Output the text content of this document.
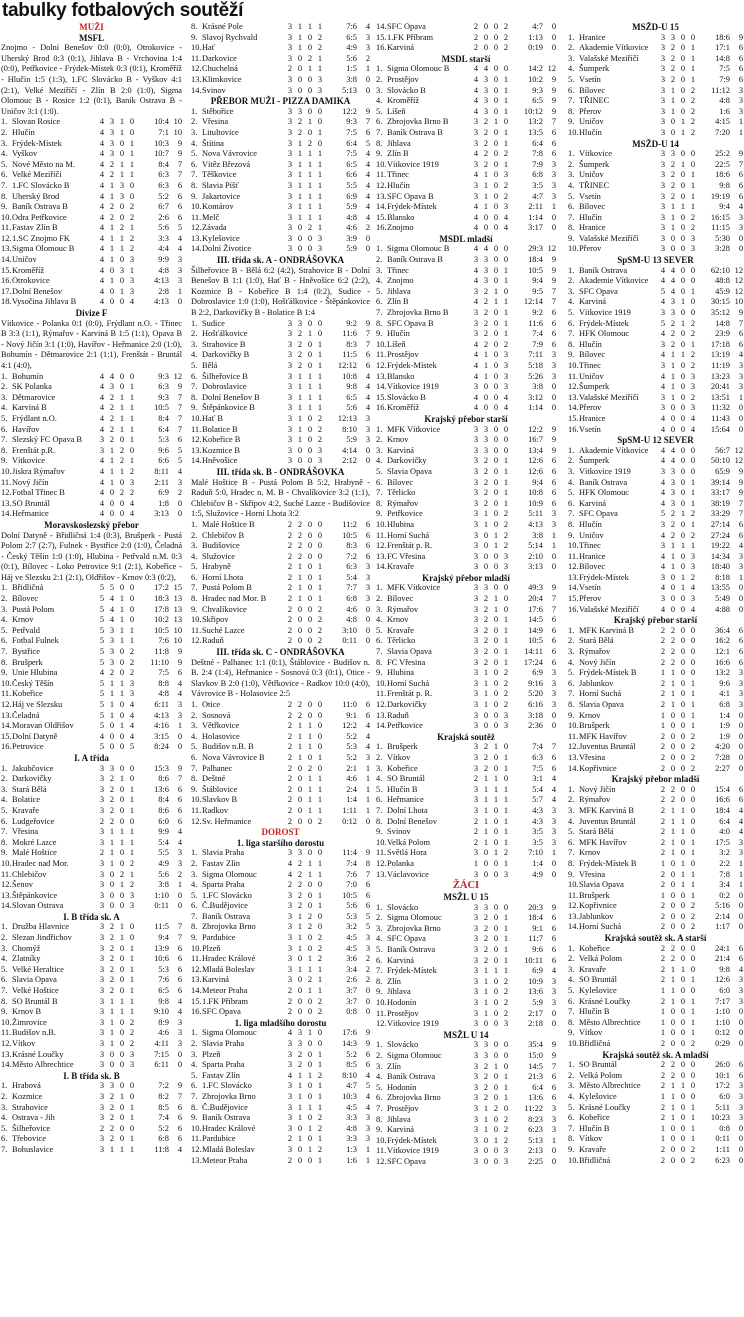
tabulky fotbalových soutěží
MUŽI
MSFL

Znojmo - Dolní Benešov 0:0 (0:0), Otrokovice - Uherský Brod 0:3 (0:1), Jihlava B - Vrchovina 1:4 (0:0), Petřkovice - Frýdek-Místek 0:3 (0:1), Kroměříž - Hlučín 1:5 (1:3), 1.FC Slovácko B - Vyškov 4:1 (2:1), Velké Meziříčí - Zlín B 2:0 (1:0), Sigma Olomouc B - Rosice 1:2 (0:1), Baník Ostrava B - Uničov 3:1 (1:0).

1. Slovan Rosice	4 3 1 0	10:4 10
2. Hlučín	4 3 1 0	7:1 10
3. Frýdek-Místek	4 3 0 1	10:3	9
4. Vyškov	4 3 0 1	10:7	9
5. Nové Město na M.	4 2 1 1	8:4	7
6. Velké Meziříčí	4 2 1 1	6:3	7
7. 1.FC Slovácko B	4 1 3 0	6:3	6
8. Uherský Brod	4 1 3 0	5:2	6
9. Baník Ostrava B	4 2 0 2	6:7	6
10. Odra Petřkovice	4 2 0 2	2:6	6
11. Fastav Zlín B	4 1 2 1	5:6	5
12. 1.SC Znojmo FK	4 1 1 2	3:3	4
13. Sigma Olomouc B	4 1 1 2	4:4	4
14. Uničov	4 1 0 3	9:9	3
15. Kroměříž	4 0 3 1	4:8	3
16. Otrokovice	4 1 0 3	4:13	3
17. Dolní Benešov	4 0 1 3	2:8	1
18. Vysočina Jihlava B	4 0 0 4	4:13	0
Divize F

Vítkovice - Polanka 0:1 (0:0), Frýdlant n.O. - Třinec B 3:3 (1:1), Rýmařov - Karviná B 1:5 (1:1), Opava B - Nový Jičín 3:1 (1:0), Havířov - Heřmanice 2:0 (1:0), Bohumín - Dětmarovice 2:1 (1:1), Frenštát - Bruntál 4:1 (4:0),

1. Bohumín	4 4 0 0	9:3 12
2. SK Polanka	4 3 0 1	6:3	9
3. Dětmarovice	4 2 1 1	9:3	7
4. Karviná B	4 2 1 1	10:5	7
5. Frýdlant n.O.	4 2 1 1	8:4	7
6. Havířov	4 2 1 1	6:4	7
7. Slezský FC Opava B	3 2 0 1	5:3	6
8. Frenštát p.R.	3 1 2 0	9:6	5
9. Vítkovice	4 1 2 1	6:6	5
10. Jiskra Rýmařov	4 1 1 2	8:11	4
11. Nový Jičín	4 1 0 3	2:11	3
12. Fotbal Třinec B	4 0 2 2	6:9	2
13. SO Bruntál	4 0 0 4	1:8	0
14. Heřmanice	4 0 0 4	3:13	0
Moravskoslezský přebor

Dolní Datyně - Břidličná 1:4 (0:3), Brušperk - Pustá Polom 2:7 (2:7), Fulnek - Bystřice 2:0 (1:0), Čeladná - Český Těšín 1:0 (1:0), Hlubina - Petřvald n.M. 0:3 (0:1), Bílovec - Loko Petrovice 9:1 (2:1), Kobeřice - Háj ve Slezsku 2:1 (2:1), Oldřišov - Krnov 0:3 (0:2),

1. Břidličná	5 5 0 0	17:2 15
2. Bílovec	5 4 1 0	18:3 13
3. Pustá Polom	5 4 1 0	17:8 13
4. Krnov	5 4 1 0	10:2 13
5. Petřvald	5 3 1 1	10:5 10
6. Fotbal Fulnek	5 3 1 1	7:6 10
7. Bystřice	5 3 0 2	11:8	9
8. Brušperk	5 3 0 2	11:10	9
9. Unie Hlubina	4 2 0 2	7:5	6
10. Český Těšín	5 1 1 3	8:8	4
11. Kobeřice	5 1 1 3	4:8	4
12. Háj ve Slezsku	5 1 0 4	6:11	3
13. Čeladná	5 1 0 4	4:13	3
14. Moravan Oldřišov	5 0 1 4	4:16	1
15. Dolní Datyně	4 0 0 4	3:15	0
16. Petrovice	5 0 0 5	8:24	0
I. A třída
1. Jakubčovice	3 3 0 0	15:3	9
2. Darkovičky	3 2 1 0	8:6	7
3. Stará Bělá	3 2 0 1	13:6	6
4. Bolatice	3 2 0 1	8:4	6
5. Kravaře	3 2 0 1	8:6	6
6. Ludgeřovice	2 2 0 0	6:0	6
7. Vřesina	3 1 1 1	9:9	4
8. Mokré Lazce	3 1 1 1	5:4	4
9. Malé Hoštice	2 1 0 1	5:5	3
10. Hradec nad Mor.	3 1 0 2	4:9	3
11. Chlebičov	3 0 2 1	5:6	2
12. Šenov	3 0 1 2	3:8	1
13. Štěpánkovice	3 0 0 3	1:10	0
14. Slovan Ostrava	3 0 0 3	0:11	0
I. B třída sk. A
1. Družba Hlavnice	3 2 1 0	11:5	7
2. Slezan Jindřichov	3 2 1 0	9:4	7
3. Chomýž	3 2 0 1	13:9	6
4. Zlatníky	3 2 0 1	10:6	6
5. Velké Heraltice	3 2 0 1	5:3	6
6. Slavia Opava	3 2 0 1	7:6	6
7. Velké Hoštice	3 2 0 1	6:5	6
8. SO Bruntál B	3 1 1 1	9:8	4
9. Krnov B	3 1 1 1	9:10	4
10. Žimrovice	3 1 0 2	8:9	3
11. Budišov n.B.	3 1 0 2	4:6	3
12. Vítkov	3 1 0 2	4:11	3
13. Krásné Loučky	3 0 0 3	7:15	0
14. Město Albrechtice	3 0 0 3	6:11	0
I. B třída sk. B
1. Hrabová	3 3 0 0	7:2	9
2. Kozmice	3 2 1 0	8:2	7
3. Strahovice	3 2 0 1	8:5	6
4. Ostrava - Jih	3 2 0 1	7:4	6
5. Šilheřovice	2 2 0 0	5:2	6
6. Třebovice	3 2 0 1	6:8	6
7. Bohuslavice	3 1 1 1	11:8	4
8. Krásné Pole	3 1 1 1	7:6	4
9. Slavoj Rychvald	3 1 0 2	6:5	3
10. Hať	3 1 0 2	4:9	3
11. Darkovice	3 0 2 1	5:6	2
12. Chuchelná	2 0 1 1	1:5	1
13. Klimkovice	3 0 0 3	3:8	0
14. Svinov	3 0 0 3	5:13	0
PŘEBOR MUŽI - PIZZA DAMIKA
1. Stěbořice	3 3 0 0	12:2	9
2. Vřesina	3 2 1 0	9:3	7
3. Litultovice	3 2 0 1	7:5	6
4. Štítina	3 1 2 0	6:4	5
5. Nova Vávrovice	3 1 1 1	7:5	4
6. Vítěz Březová	3 1 1 1	6:5	4
7. Těškovice	3 1 1 1	6:6	4
8. Slavia Píšť	3 1 1 1	5:5	4
9. Jakartovice	3 1 1 1	6:9	4
10. Komárov	3 1 1 1	5:9	4
11. Melč	3 1 1 1	4:8	4
12. Závada	3 0 2 1	4:6	2
13. Kylešovice	3 0 0 3	3:9	0
14. Dolní Životice	3 0 0 3	5:9	0
III. třída sk. A - ONDRÁŠOVKA

Šilheřovice B - Bělá 6:2 (4:2), Strahovice B - Dolní Benešov B 1:1 (1:0), Hať B - Hněvošice 6:2 (2:2), Kozmice B - Kobeřice B 1:4 (0:2), Sudice - Dobroslavice 1:0 (1:0), Hošťálkovice - Štěpánkovice B 2:2, Darkovičky B - Bolatice B 1:4

1. Sudice	3 3 0 0	9:2	9
2. Hošťálkovice	3 2 1 0	11:6	7
3. Strahovice B	3 2 0 1	8:3	7
4. Darkovičky B	3 2 0 1	11:5	6
5. Bělá	3 2 0 1	12:12	6
6. Šilheřovice B	3 1 1 1	10:8	4
7. Dobroslavice	3 1 1 1	9:8	4
8. Dolní Benešov B	3 1 1 1	6:5	4
9. Štěpánkovice B	3 1 1 1	5:6	4
10. Hať B	3 1 0 2	12:13	3
11. Bolatice B	3 1 0 2	8:10	3
12. Kobeřice B	3 1 0 2	5:9	3
13. Kozmice B	3 0 0 3	4:14	0
14. Hněvošice	3 0 0 3	2:12	0
III. třída sk. B - ONDRÁŠOVKA

Malé Hoštice B - Pustá Polom B 5:2, Hrabyně - Raduň 5:0, Hradec n. M. B - Chvalíkovice 3:2 (1:1), Chlebičov B - Skřípov 4:2, Suché Lazce - Budišovice 1:5, Služovice - Horní Lhota 3:2

1. Malé Hoštice B	2 2 0 0	11:2	6
2. Chlebičov B	2 2 0 0	10:5	6
3. Budišovice	2 2 0 0	8:3	6
4. Služovice	2 2 0 0	7:2	6
5. Hrabyně	2 1 0 1	6:3	3
6. Horní Lhota	2 1 0 1	5:4	3
7. Pustá Polom B	2 1 0 1	7:7	3
8. Hradec nad Mor. B	2 1 0 1	6:8	3
9. Chvalíkovice	2 0 0 2	4:6	0
10. Skřipov	2 0 0 2	4:8	0
11. Suché Lazce	2 0 0 2	3:10	0
12. Raduň	2 0 0 2	0:11	0
III. třída sk. C - ONDRÁŠOVKA

Deštné - Palhanec 1:1 (0:1), Štáblovice - Budišov n. B. 2:4 (1:4), Heřmanice - Sosnová 0:3 (0:1), Otice - Slavkov B 2:0 (1:0), Větřkovice - Radkov 10:0 (4:0), Vávrovice B - Holasovice 2:5

1. Otice	2 2 0 0	11:0	6
2. Sosnová	2 2 0 0	9:1	6
3. Větřkovice	2 1 1 0	12:2	4
4. Holasovice	2 1 1 0	5:2	4
5. Budišov n.B. B	2 1 1 0	5:3	4
6. Nova Vávrovice B	2 1 0 1	5:2	3
7. Palhanec	2 0 2 0	2:1	1
8. Deštné	2 0 1 1	4:6	1
9. Štáblovice	2 0 1 1	2:4	1
10. Slavkov B	2 0 1 1	1:4	1
11. Radkov	2 0 1 1	1:11	1
12. Sv. Heřmanice	2 0 0 2	0:12	0
DOROST
1. liga staršího dorostu
1. Slavia Praha	3 3 0 0	11:4	9
2. Fastav Zlín	4 2 1 1	7:4	8
3. Sigma Olomouc	4 2 1 1	7:6	7
4. Sparta Praha	2 2 0 0	7:0	6
5. 1.FC Slovácko	3 2 0 1	10:5	6
6. Č.Budějovice	3 2 0 1	5:6	6
7. Baník Ostrava	3 1 2 0	5:3	5
8. Zbrojovka Brno	3 1 2 0	3:2	5
9. Pardubice	3 1 0 2	4:5	3
10. Plzeň	3 1 0 2	4:5	3
11. Hradec Králové	3 0 1 2	3:6	2
12. Mladá Boleslav	3 1 1 1	3:4	2
13. Karviná	3 0 2 1	2:6	2
14. Meteor Praha	2 0 1 1	3:7	0
15. 1.FK Příbram	2 0 0 2	3:7	0
16. SFC Opava	2 0 0 2	0:8	0
1. liga mladšího dorostu
1. Sigma Olomouc	4 3 1 0	17:6	9
2. Slavia Praha	3 3 0 0	14:3	9
3. Plzeň	3 2 0 1	5:2	6
4. Sparta Praha	3 2 0 1	8:5	6
5. Fastav Zlín	4 1 1 2	8:10	4
6. 1.FC Slovácko	3 1 0 1	4:7	5
7. Zbrojovka Brno	3 1 0 1	10:3	4
8. Č.Budějovice	3 1 1 1	4:5	4
9. Baník Ostrava	3 1 0 2	3:3	3
10. Hradec Králové	3 0 1 2	4:8	3
11. Pardubice	2 1 0 1	3:3	3
12. Mladá Boleslav	3 0 1 2	1:3	1
13. Meteor Praha	2 0 0 1	1:6	1
14. SFC Opava	2 0 0 2	4:7	0
15. 1.FK Příbram	2 0 0 2	1:13	0
16. Karviná	2 0 0 2	0:19	0
MSDL starší
1. Sigma Olomouc B	4 4 0 0	14:2 12
2. Prostějov	4 3 0 1	10:2	9
3. Slovácko B	4 3 0 1	9:3	9
4. Kroměříž	4 3 0 1	6:5	9
5. Líšeň	4 3 0 1	10:12	9
6. Zbrojovka Brno B	3 2 1 0	13:2	7
7. Baník Ostrava B	3 2 0 1	13:5	6
8. Jihlava	3 2 0 1	6:4	6
9. Zlín B	4 2 0 2	7:8	6
10. Vítkovice 1919	3 2 0 1	7:9	3
11. Třinec	4 1 0 3	6:8	3
12. Hlučín	3 1 0 2	3:5	3
13. SFC Opava B	3 1 0 2	4:7	3
14. Frýdek-Místek	4 1 0 3	2:11	1
15. Blansko	4 0 0 4	1:14	0
16. Znojmo	4 0 0 4	3:17	0
MSDL mladší
1. Sigma Olomouc B	4 4 0 0	29:3 12
2. Baník Ostrava B	3 3 0 0	18:4	9
3. Třinec	4 3 0 1	10:5	9
4. Znojmo	4 3 0 1	9:4	9
5. Jihlava	3 2 1 0	9:5	7
6. Zlín B	4 2 1 1	12:14	7
7. Zbrojovka Brno B	3 2 0 1	9:2	6
8. SFC Opava B	3 2 0 1	11:6	6
9. Hlučín	3 2 0 1	7:4	6
10. Líšeň	4 2 0 2	7:9	6
11. Prostějov	4 1 0 3	7:11	3
12. Frýdek-Místek	4 1 0 3	5:18	3
13. Blansko	4 1 0 3	5:26	3
14. Vítkovice 1919	3 0 0 3	3:8	0
15. Slovácko B	4 0 0 4	3:12	0
16. Kroměříž	4 0 0 4	1:14	0
Krajský přebor starší
1. MFK Vítkovice	3 3 0 0	12:2	9
2. Krnov	3 3 0 0	16:7	9
3. Karviná	3 3 0 0	13:4	9
4. Darkovičky	3 2 0 1	12:6	6
5. Slavia Opava	3 2 0 1	12:6	6
6. Bílovec	3 2 0 1	9:4	6
7. Těrlicko	3 2 0 1	10:8	6
8. Rýmařov	3 2 0 1	10:9	6
9. Petřkovice	3 1 0 2	5:11	3
10. Hlubina	3 1 0 2	4:13	3
11. Horní Suchá	3 0 1 2	3:8	1
12. Frenštát p. R.	3 0 1 2	5:14	1
13. FC Vřesina	3 0 0 3	2:10	0
14. Kravaře	3 0 0 3	3:13	0
Krajský přebor mladší
1. MFK Vítkovice	3 3 0 0	49:3	9
2. Bílovec	3 2 1 0	20:4	7
3. Rýmařov	3 2 1 0	17:6	7
4. Krnov	3 2 0 1	14:5	6
5. Kravaře	3 2 0 1	14:9	6
6. Těrlicko	3 2 0 1	10:5	6
7. Slavia Opava	3 2 0 1	14:11	6
8. FC Vřesina	3 2 0 1	17:24	6
9. Hlubina	3 1 0 2	6:9	3
10. Horní Suchá	3 1 0 2	9:16	3
11. Frenštát p. R.	3 1 0 2	5:20	3
12. Darkovičky	3 1 0 2	6:16	3
13. Raduň	3 0 0 3	3:18	0
14. Petřkovice	3 0 0 3	2:36	0
Krajská soutěž
1. Brušperk	3 2 1 0	7:4	7
2. Vítkov	3 2 0 1	6:3	6
3. Kobeřice	3 2 0 1	7:5	6
4. SO Bruntál	2 1 1 0	3:1	4
5. Hlučín B	3 1 1 1	5:4	4
6. Heřmanice	3 1 1 1	5:7	4
7. Dolní Lhota	3 1 0 1	4:3	3
8. Dolní Benešov	2 1 0 1	4:3	3
9. Svinov	2 1 0 1	3:5	3
10. Velká Polom	2 1 0 1	3:5	3
11. Světlá Hora	3 0 1 2	7:10	1
12. Polanka	1 0 0 1	1:4	0
13. Václavovice	3 0 0 3	4:9	0
ŽÁCI
MSŽL U 15
1. Slovácko	3 3 0 0	20:3	9
2. Sigma Olomouc	3 2 0 1	18:4	6
3. Zbrojovka Brno	3 2 0 1	9:1	6
4. SFC Opava	3 2 0 1	11:7	6
5. Baník Ostrava	3 2 0 1	9:6	6
6. Karviná	3 2 0 1	10:11	6
7. Frýdek-Místek	3 1 1 1	6:9	4
8. Zlín	3 1 0 2	10:9	3
9. Jihlava	3 1 0 2	13:6	3
10. Hodonín	3 1 0 2	5:9	3
11. Prostějov	3 1 0 2	2:17	0
12. Vítkovice 1919	3 0 0 3	2:18	0
MSŽL U 14
1. Slovácko	3 3 0 0	35:4	9
2. Sigma Olomouc	3 3 0 0	15:0	9
3. Zlín	3 2 1 0	14:5	7
4. Baník Ostrava	3 2 0 1	21:3	6
5. Hodonín	3 2 0 1	6:4	6
6. Zbrojovka Brno	3 2 0 1	13:6	6
7. Prostějov	3 1 2 0	11:22	3
8. Jihlava	3 1 0 2	8:23	3
9. Karviná	3 1 0 2	6:23	3
10. Frýdek-Místek	3 0 1 2	5:13	1
11. Vítkovice 1919	3 0 0 3	2:13	0
12. SFC Opava	3 0 0 3	2:25	0
MSŽD-U 15
1. Hranice	3 3 0 0	18:6	9
2. Akademie Vítkovice	3 2 0 1	17:1	6
3. Valašské Meziříčí	3 2 0 1	14:8	6
4. Šumperk	3 2 0 1	7:5	6
5. Vsetín	3 2 0 1	7:9	6
6. Bílovec	3 1 0 2	11:12	3
7. TŘINEC	3 1 0 2	4:8	3
8. Přerov	3 1 0 2	1:6	3
9. Uničov	3 0 1 2	4:15	1
10. Hlučín	3 0 1 2	7:20	1
MSŽD-U 14
1. Vítkovice	3 3 0 0	25:2	9
2. Šumperk	3 2 1 0	22:5	7
3. Uničov	3 2 0 1	18:6	6
4. TŘINEC	3 2 0 1	9:8	6
5. Vsetín	3 2 0 1	19:19	6
6. Bílovec	3 1 1 1	9:4	4
7. Hlučín	3 1 0 2	16:15	3
8. Hranice	3 1 0 2	11:15	3
9. Valašské Meziříčí	3 0 0 3	5:30	0
10. Přerov	3 0 0 3	3:28	0
SpSM-U 13 SEVER
1. Baník Ostrava	4 4 0 0	62:10 12
2. Akademie Vítkovice	4 4 0 0	48:8 12
3. SFC Opava	5 4 0 1	45:9 12
4. Karviná	4 3 1 0	30:15 10
5. Vítkovice 1919	3 3 0 0	35:12	9
6. Frýdek-Místek	5 2 1 2	14:8	7
7. HFK Olomouc	4 2 0 2	23:9	6
8. Hlučín	3 2 0 1	17:18	6
9. Bílovec	4 1 1 2	13:19	4
10. Třinec	3 1 0 2	11:19	3
11. Uničov	4 1 0 3	13:23	3
12. Šumperk	4 1 0 3	20:41	3
13. Valašské Meziříčí	3 1 0 2	13:51	1
14. Přerov	3 0 0 3	11:32	0
15. Hranice	4 0 0 4	11:43	0
16. Vsetín	4 0 0 4	15:64	0
SpSM-U 12 SEVER
1. Akademie Vítkovice	4 4 0 0	56:7 12
2. Šumperk	4 4 0 0	50:10 12
3. Vítkovice 1919	3 3 0 0	65:9	9
4. Baník Ostrava	4 3 0 1	39:14	9
5. HFK Olomouc	4 3 0 1	33:17	9
6. Karviná	4 3 0 1	38:19	7
7. SFC Opava	5 2 1 2	33:29	7
8. Hlučín	3 2 0 1	27:14	6
9. Uničov	4 2 0 2	27:24	6
10. Třinec	3 1 1 1	19:22	4
11. Hranice	4 1 0 3	14:34	3
12. Bílovec	4 1 0 3	18:40	3
13. Frýdek-Místek	3 0 1 2	8:18	1
14. Vsetín	4 0 1 4	13:55	0
15. Přerov	3 0 0 3	5:49	0
16. Valašské Meziříčí	4 0 0 4	4:88	0
Krajský přebor starší
1. MFK Karviná B	2 2 0 0	36:4	6
2. Stará Bělá	2 2 0 0	16:2	6
3. Rýmařov	2 2 0 0	12:1	6
4. Nový Jičín	2 2 0 0	16:6	6
5. Frýdek-Místek B	1 1 0 0	13:2	3
6. Jablunkov	2 1 0 1	9:6	3
7. Horní Suchá	2 1 0 1	4:1	3
8. Slavia Opava	2 1 0 1	6:8	3
9. Krnov	1 0 0 1	1:4	0
10. Brušperk	1 0 0 1	1:9	0
11. MFK Havířov	2 0 0 2	1:9	0
12. Juventus Bruntál	2 0 0 2	4:20	0
13. Vřesina	2 0 0 2	7:28	0
14. Kopřivnice	2 0 0 2	2:27	0
Krajský přebor mladší
1. Nový Jičín	2 2 0 0	15:4	6
2. Rýmařov	2 2 0 0	16:6	6
3. MFK Karviná B	2 1 1 0	18:4	4
4. Juventus Bruntál	2 1 1 0	6:4	4
5. Stará Bělá	2 1 1 0	4:0	4
6. MFK Havířov	2 1 0 1	17:5	3
7. Krnov	2 1 0 1	3:2	3
8. Frýdek-Místek B	1 0 1 0	2:2	1
9. Vřesina	2 0 1 1	7:8	1
10. Slavia Opava	2 0 1 1	3:4	1
11. Brušperk	1 0 0 1	0:2	0
12. Kopřivnice	2 0 0 2	5:16	0
13. Jablunkov	2 0 0 2	2:14	0
14. Horní Suchá	2 0 0 2	1:17	0
Krajská soutěž sk. A starší
1. Kobeřice	2 2 0 0	24:1	6
2. Velká Polom	2 2 0 0	21:4	6
3. Kravaře	2 1 1 0	9:8	4
4. SO Bruntál	2 1 0 1	12:6	3
5. Kylešovice	1 1 0 0	6:0	3
6. Krásné Loučky	2 1 0 1	7:17	3
7. Hlučín B	1 0 0 1	1:10	0
8. Město Albrechtice	1 0 0 1	1:10	0
9. Vítkov	1 0 0 1	0:12	0
10. Břidličná	2 0 0 2	0:29	0
Krajská soutěž sk. A mladší
1. SO Bruntál	2 2 0 0	26:0	6
2. Velká Polom	2 2 0 0	10:1	6
3. Město Albrechtice	2 1 1 0	17:2	3
4. Kylešovice	1 1 0 0	6:0	3
5. Krásné Loučky	2 1 0 1	5:11	3
6. Kobeřice	2 1 0 1	10:23	3
7. Hlučín B	1 0 0 1	0:8	0
8. Vítkov	1 0 0 1	0:11	0
9. Kravaře	2 0 0 2	1:11	0
10. Břidličná	2 0 0 2	6:23	0
